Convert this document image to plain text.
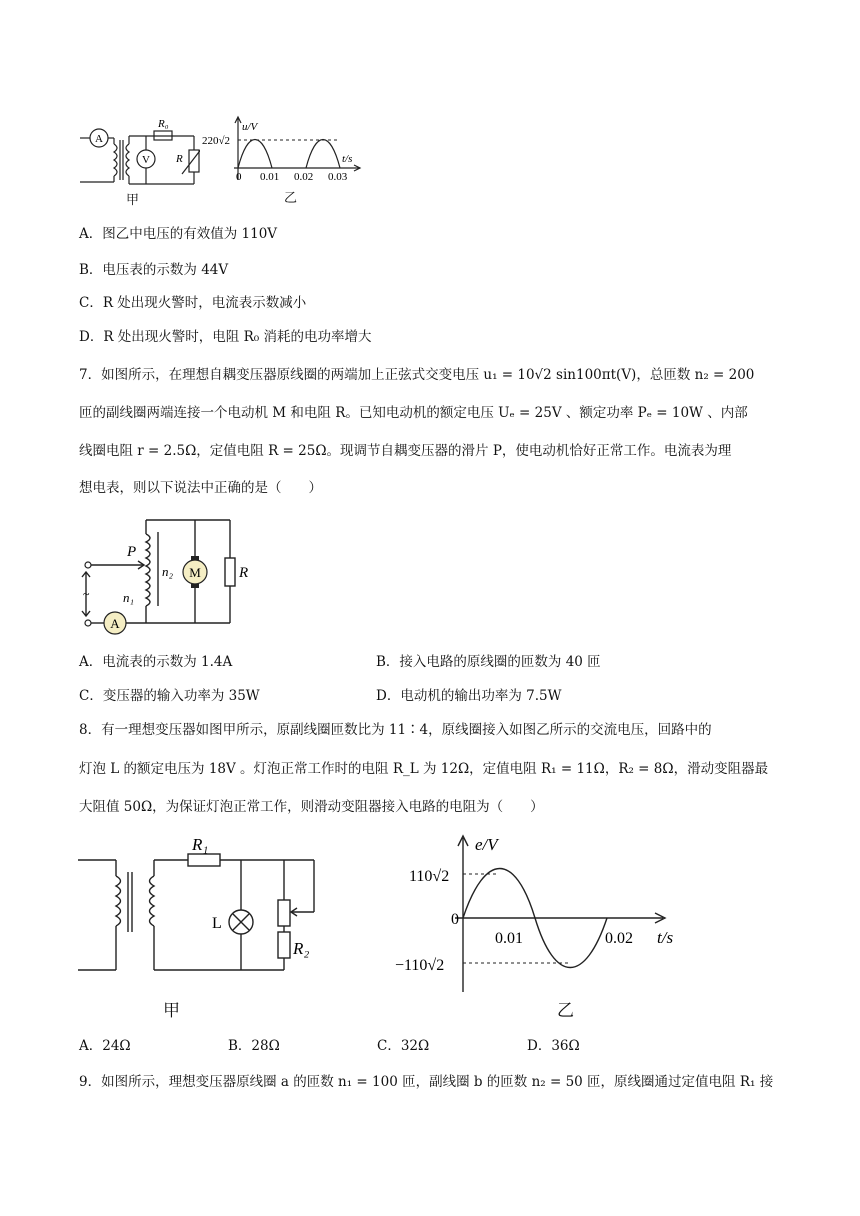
A
V
R₀
R
甲
u/V
220√2
t/s
0 0.01 0.02 0.03
乙
A．图乙中电压的有效值为 110V
B．电压表的示数为 44V
C．R 处出现火警时，电流表示数减小
D．R 处出现火警时，电阻 R₀ 消耗的电功率增大
7．如图所示，在理想自耦变压器原线圈的两端加上正弦式交变电压 u₁ = 10√2 sin100πt(V)，总匝数 n₂ = 200
匝的副线圈两端连接一个电动机 M 和电阻 R。已知电动机的额定电压 Uₑ = 25V 、额定功率 Pₑ = 10W 、内部
线圈电阻 r = 2.5Ω，定值电阻 R = 25Ω。现调节自耦变压器的滑片 P，使电动机恰好正常工作。电流表为理
想电表，则以下说法中正确的是（　　）
A
M
P
n₂
n₁
R
~
A．电流表的示数为 1.4A	B．接入电路的原线圈的匝数为 40 匝
C．变压器的输入功率为 35W	D．电动机的输出功率为 7.5W
8．有一理想变压器如图甲所示，原副线圈匝数比为 11∶4，原线圈接入如图乙所示的交流电压，回路中的
灯泡 L 的额定电压为 18V 。灯泡正常工作时的电阻 R_L 为 12Ω，定值电阻 R₁ = 11Ω，R₂ = 8Ω，滑动变阻器最
大阻值 50Ω，为保证灯泡正常工作，则滑动变阻器接入电路的电阻为（　　）
R₁
L
R₂
甲
e/V
110√2
0
−110√2
0.01	0.02 t/s
乙
A．24Ω	B．28Ω	C．32Ω	D．36Ω
9．如图所示，理想变压器原线圈 a 的匝数 n₁ = 100 匝，副线圈 b 的匝数 n₂ = 50 匝，原线圈通过定值电阻 R₁ 接
